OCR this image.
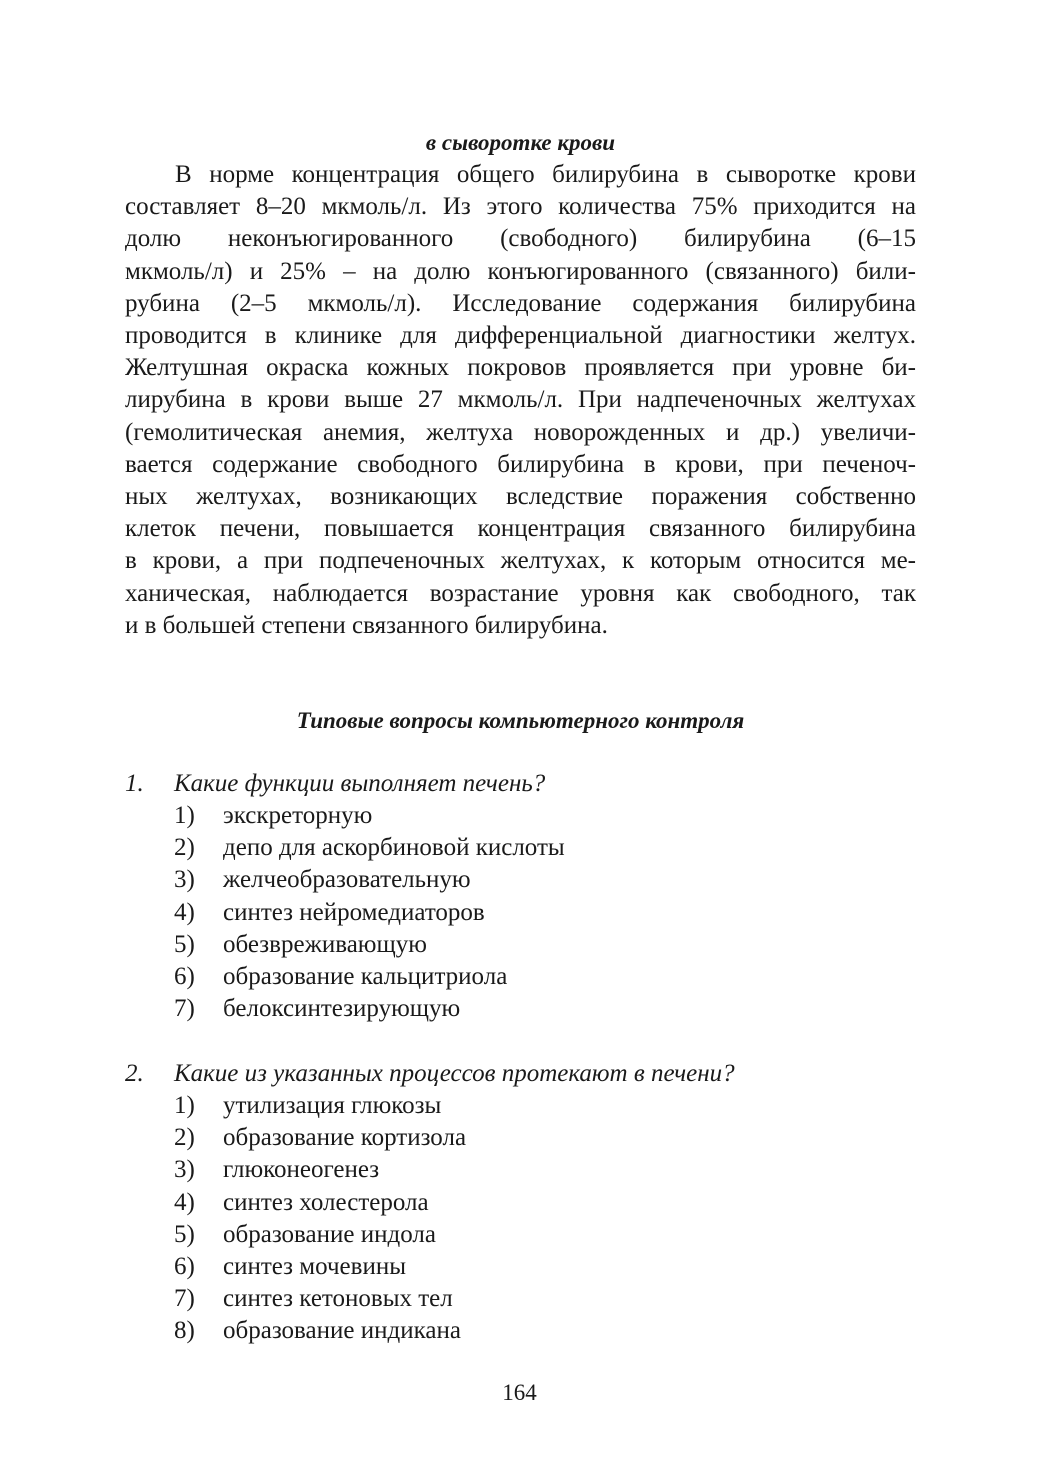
в сыворотке крови
В норме концентрация общего билирубина в сыворотке крови
составляет 8–20 мкмоль/л. Из этого количества 75% приходится на
долю неконъюгированного (свободного) билирубина (6–15
мкмоль/л) и 25% – на долю конъюгированного (связанного) били-
рубина (2–5 мкмоль/л). Исследование содержания билирубина
проводится в клинике для дифференциальной диагностики желтух.
Желтушная окраска кожных покровов проявляется при уровне би-
лирубина в крови выше 27 мкмоль/л. При надпеченочных желтухах
(гемолитическая анемия, желтуха новорожденных и др.) увеличи-
вается содержание свободного билирубина в крови, при печеноч-
ных желтухах, возникающих вследствие поражения собственно
клеток печени, повышается концентрация связанного билирубина
в крови, а при подпеченочных желтухах, к которым относится ме-
ханическая, наблюдается возрастание уровня как свободного, так
и в большей степени связанного билирубина.
Типовые вопросы компьютерного контроля
1.	Какие функции выполняет печень?
1)	экскреторную
2)	депо для аскорбиновой кислоты
3)	желчеобразовательную
4)	синтез нейромедиаторов
5)	обезвреживающую
6)	образование кальцитриола
7)	белоксинтезирующую
2.	Какие из указанных процессов протекают в печени?
1)	утилизация глюкозы
2)	образование кортизола
3)	глюконеогенез
4)	синтез холестерола
5)	образование индола
6)	синтез мочевины
7)	синтез кетоновых тел
8)	образование индикана
164
